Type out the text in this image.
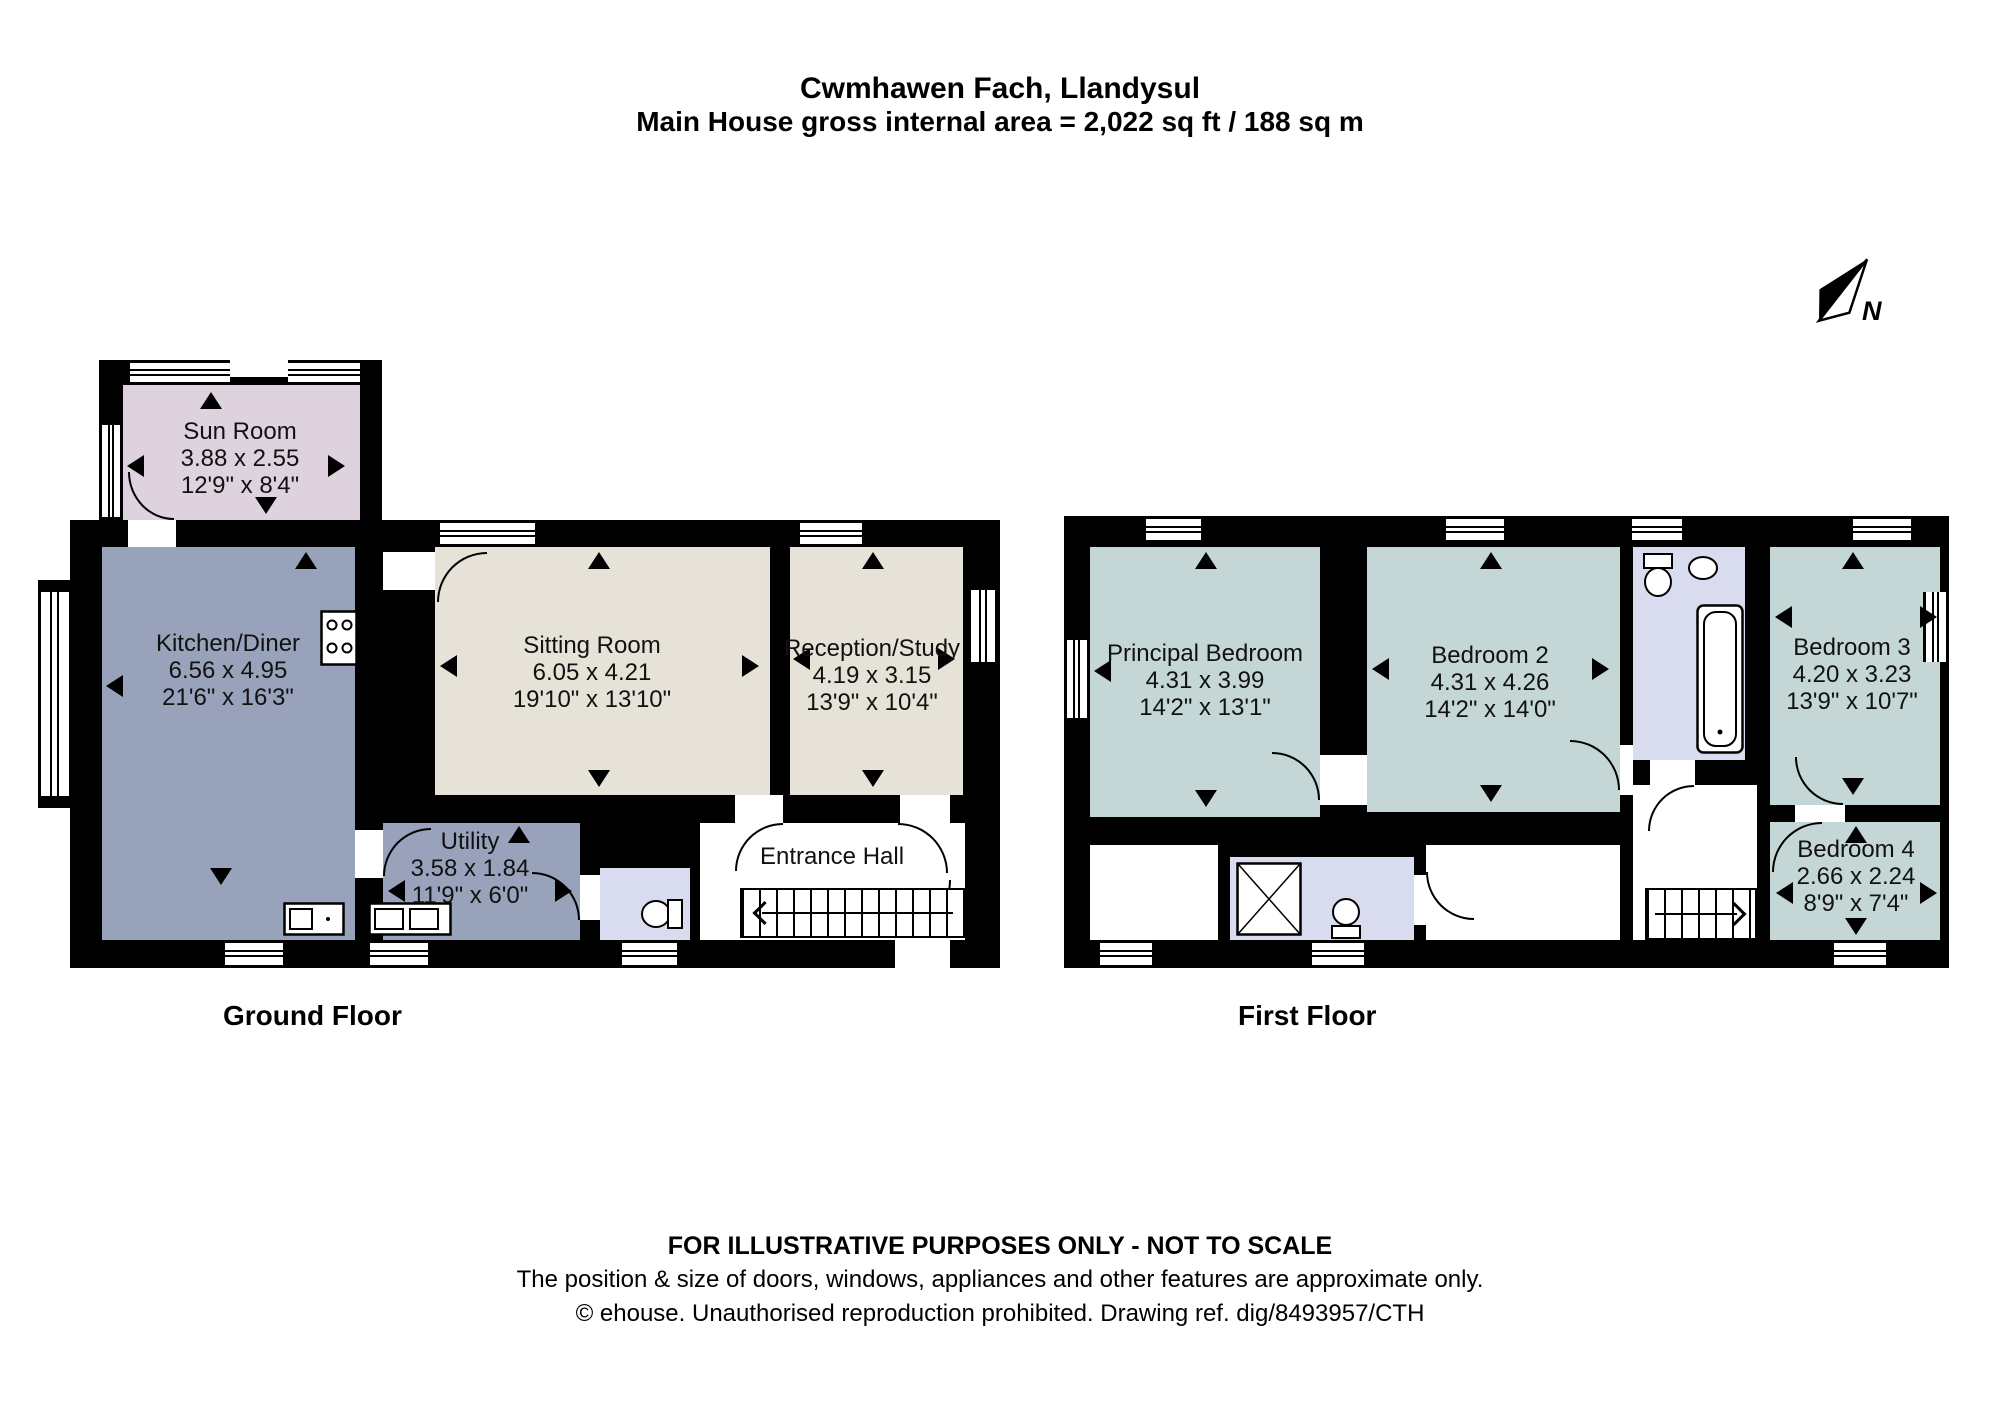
Cwmhawen Fach, Llandysul
Main House gross internal area = 2,022 sq ft / 188 sq m
N
Sun Room
3.88 x 2.55
12'9" x 8'4"
Kitchen/Diner
6.56 x 4.95
21'6" x 16'3"
Sitting Room
6.05 x 4.21
19'10" x 13'10"
Reception/Study
4.19 x 3.15
13'9" x 10'4"
Utility
3.58 x 1.84
11'9" x 6'0"
Entrance Hall
Ground Floor
Principal Bedroom
4.31 x 3.99
14'2" x 13'1"
Bedroom 2
4.31 x 4.26
14'2" x 14'0"
Bedroom 3
4.20 x 3.23
13'9" x 10'7"
Bedroom 4
2.66 x 2.24
8'9" x 7'4"
First Floor
FOR ILLUSTRATIVE PURPOSES ONLY - NOT TO SCALE
The position & size of doors, windows, appliances and other features are approximate only.
© ehouse. Unauthorised reproduction prohibited. Drawing ref. dig/8493957/CTH
